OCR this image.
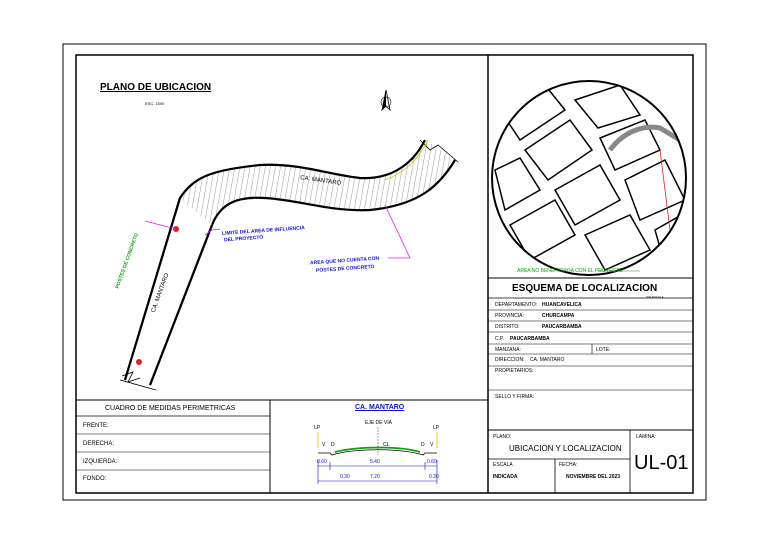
PLANO DE UBICACION
ESC. 1500
CA. MANTARO
CA. MANTARO
LIMITE DEL AREA DE INFLUENCIA
DEL PROYECTO
AREA QUE NO CUENTA CON
POSTES DE CONCRETO
POSTES DE CONCRETO	AREA NO BENEFICIADA CON EL PROYECTO
ESQUEMA DE LOCALIZACION
SIN ESCALA
DEPARTAMENTO: HUANCAVELICA
PROVINCIA:	CHURCAMPA
DISTRITO:	PAUCARBAMBA
C.P. PAUCARBAMBA
MANZANA:	LOTE:
DIRECCION: CA. MANTARO
PROPIETARIOS:
SELLO Y FIRMA:
CUADRO DE MEDIDAS PERIMETRICAS
FRENTE:
DERECHA:
IZQUIERDA:
FONDO:
CA. MANTARO
EJE DE VIA
LP	LP
V D	CL	D V
0.60	5.40	0.60
0.30	7.20	0.30
PLANO:
UBICACION Y LOCALIZACION
LAMINA:
UL-01
ESCALA
INDICADA
FECHA:
NOVIEMBRE DEL 2023
